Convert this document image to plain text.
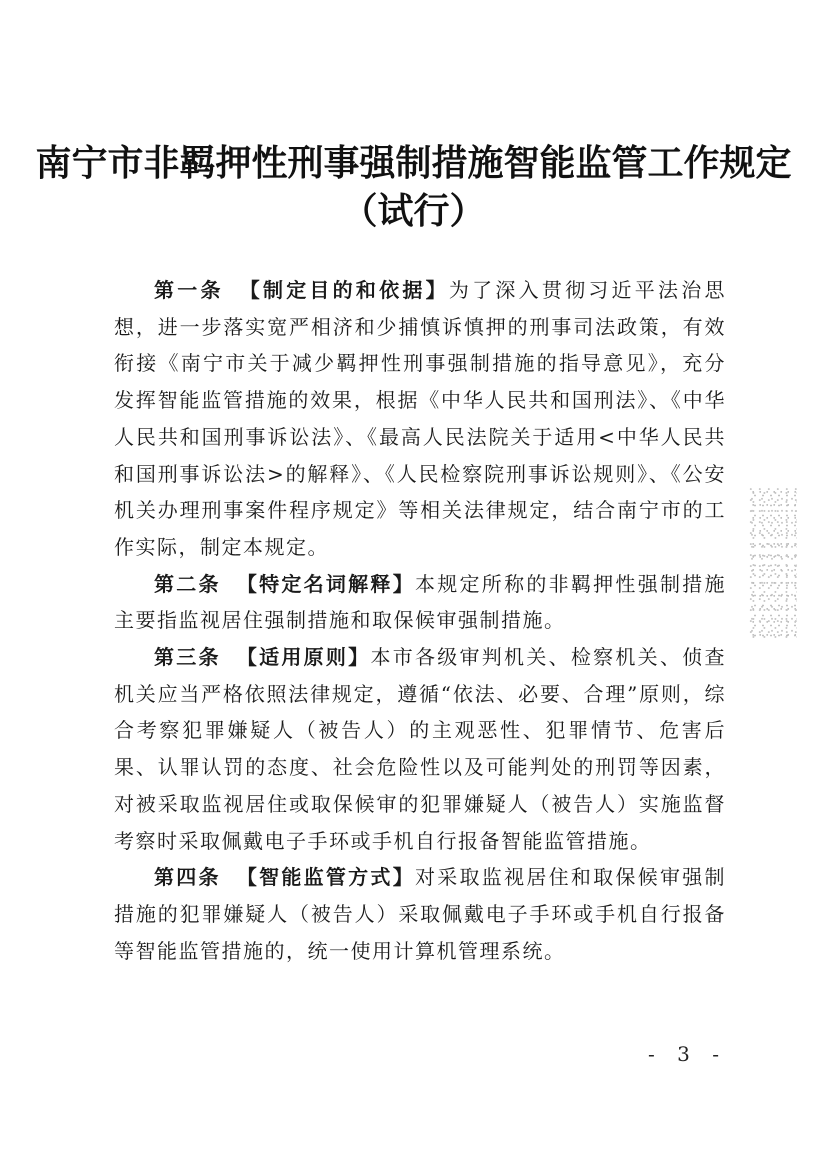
南宁市非羁押性刑事强制措施智能监管工作规定
（试行）

第一条 【制定目的和依据】为了深入贯彻习近平法治思想，进一步落实宽严相济和少捕慎诉慎押的刑事司法政策，有效衔接《南宁市关于减少羁押性刑事强制措施的指导意见》，充分发挥智能监管措施的效果，根据《中华人民共和国刑法》、《中华人民共和国刑事诉讼法》、《最高人民法院关于适用<中华人民共和国刑事诉讼法>的解释》、《人民检察院刑事诉讼规则》、《公安机关办理刑事案件程序规定》等相关法律规定，结合南宁市的工作实际，制定本规定。

第二条 【特定名词解释】本规定所称的非羁押性强制措施主要指监视居住强制措施和取保候审强制措施。

第三条 【适用原则】本市各级审判机关、检察机关、侦查机关应当严格依照法律规定，遵循“依法、必要、合理”原则，综合考察犯罪嫌疑人（被告人）的主观恶性、犯罪情节、危害后果、认罪认罚的态度、社会危险性以及可能判处的刑罚等因素，对被采取监视居住或取保候审的犯罪嫌疑人（被告人）实施监督考察时采取佩戴电子手环或手机自行报备智能监管措施。

第四条 【智能监管方式】对采取监视居住和取保候审强制措施的犯罪嫌疑人（被告人）采取佩戴电子手环或手机自行报备等智能监管措施的，统一使用计算机管理系统。

- 3 -
